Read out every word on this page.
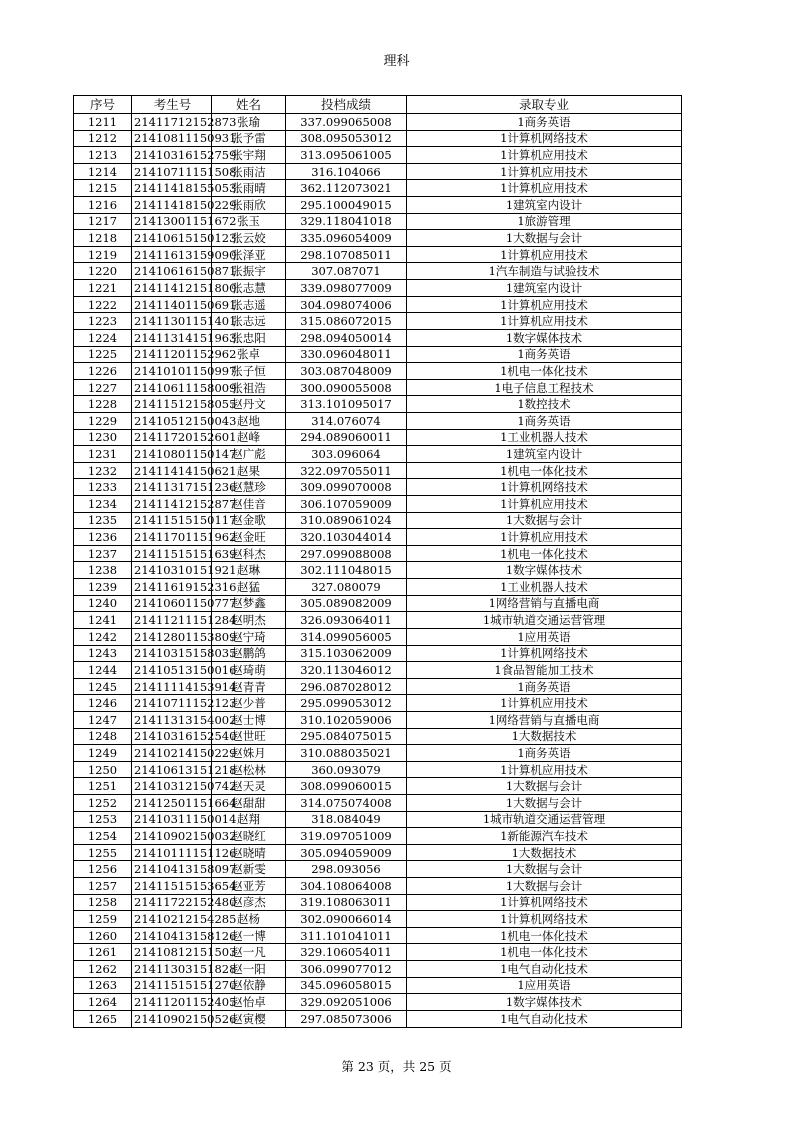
理科
序号	考生号	姓名	投档成绩	录取专业
1211	21411712152873	张瑜	337.099065008	1商务英语
1212	21410811150931	张予雷	308.095053012	1计算机网络技术
1213	21410316152759	张宇翔	313.095061005	1计算机应用技术
1214	21410711151508	张雨洁	316.104066	1计算机应用技术
1215	21411418155053	张雨晴	362.112073021	1计算机应用技术
1216	21411418150229	张雨欣	295.100049015	1建筑室内设计
1217	21413001151672	张玉	329.118041018	1旅游管理
1218	21410615150123	张云姣	335.096054009	1大数据与会计
1219	21411613159090	张泽亚	298.107085011	1计算机应用技术
1220	21410616150871	张振宇	307.087071	1汽车制造与试验技术
1221	21411412151800	张志慧	339.098077009	1建筑室内设计
1222	21411401150691	张志遥	304.098074006	1计算机应用技术
1223	21411301151401	张志远	315.086072015	1计算机应用技术
1224	21411314151963	张忠阳	298.094050014	1数字媒体技术
1225	21411201152962	张卓	330.096048011	1商务英语
1226	21410101150997	张子恒	303.087048009	1机电一体化技术
1227	21410611158009	张祖浩	300.090055008	1电子信息工程技术
1228	21411512158055	赵丹文	313.101095017	1数控技术
1229	21410512150043	赵地	314.076074	1商务英语
1230	21411720152601	赵峰	294.089060011	1工业机器人技术
1231	21410801150147	赵广彪	303.096064	1建筑室内设计
1232	21411414150621	赵果	322.097055011	1机电一体化技术
1233	21411317151236	赵慧珍	309.099070008	1计算机网络技术
1234	21411412152877	赵佳音	306.107059009	1计算机应用技术
1235	21411515150117	赵金歌	310.089061024	1大数据与会计
1236	21411701151962	赵金旺	320.103044014	1计算机应用技术
1237	21411515151639	赵科杰	297.099088008	1机电一体化技术
1238	21410310151921	赵琳	302.111048015	1数字媒体技术
1239	21411619152316	赵猛	327.080079	1工业机器人技术
1240	21410601150777	赵梦鑫	305.089082009	1网络营销与直播电商
1241	21411211151284	赵明杰	326.093064011	1城市轨道交通运营管理
1242	21412801153809	赵宁琦	314.099056005	1应用英语
1243	21410315158035	赵鹏鸽	315.103062009	1计算机网络技术
1244	21410513150016	赵琦萌	320.113046012	1食品智能加工技术
1245	21411114153914	赵青青	296.087028012	1商务英语
1246	21410711152123	赵少普	295.099053012	1计算机应用技术
1247	21411313154002	赵士博	310.102059006	1网络营销与直播电商
1248	21410316152540	赵世旺	295.084075015	1大数据技术
1249	21410214150229	赵姝月	310.088035021	1商务英语
1250	21410613151218	赵松林	360.093079	1计算机应用技术
1251	21410312150742	赵天灵	308.099060015	1大数据与会计
1252	21412501151664	赵甜甜	314.075074008	1大数据与会计
1253	21410311150014	赵翔	318.084049	1城市轨道交通运营管理
1254	21410902150032	赵晓红	319.097051009	1新能源汽车技术
1255	21410111151126	赵晓晴	305.094059009	1大数据技术
1256	21410413158097	赵新雯	298.093056	1大数据与会计
1257	21411515153654	赵亚芳	304.108064008	1大数据与会计
1258	21411722152480	赵彦杰	319.108063011	1计算机网络技术
1259	21410212154285	赵杨	302.090066014	1计算机网络技术
1260	21410413158126	赵一博	311.101041011	1机电一体化技术
1261	21410812151503	赵一凡	329.106054011	1机电一体化技术
1262	21411303151828	赵一阳	306.099077012	1电气自动化技术
1263	21411515151270	赵依静	345.096058015	1应用英语
1264	21411201152405	赵怡卓	329.092051006	1数字媒体技术
1265	21410902150526	赵寅樱	297.085073006	1电气自动化技术
第 23 页，共 25 页
